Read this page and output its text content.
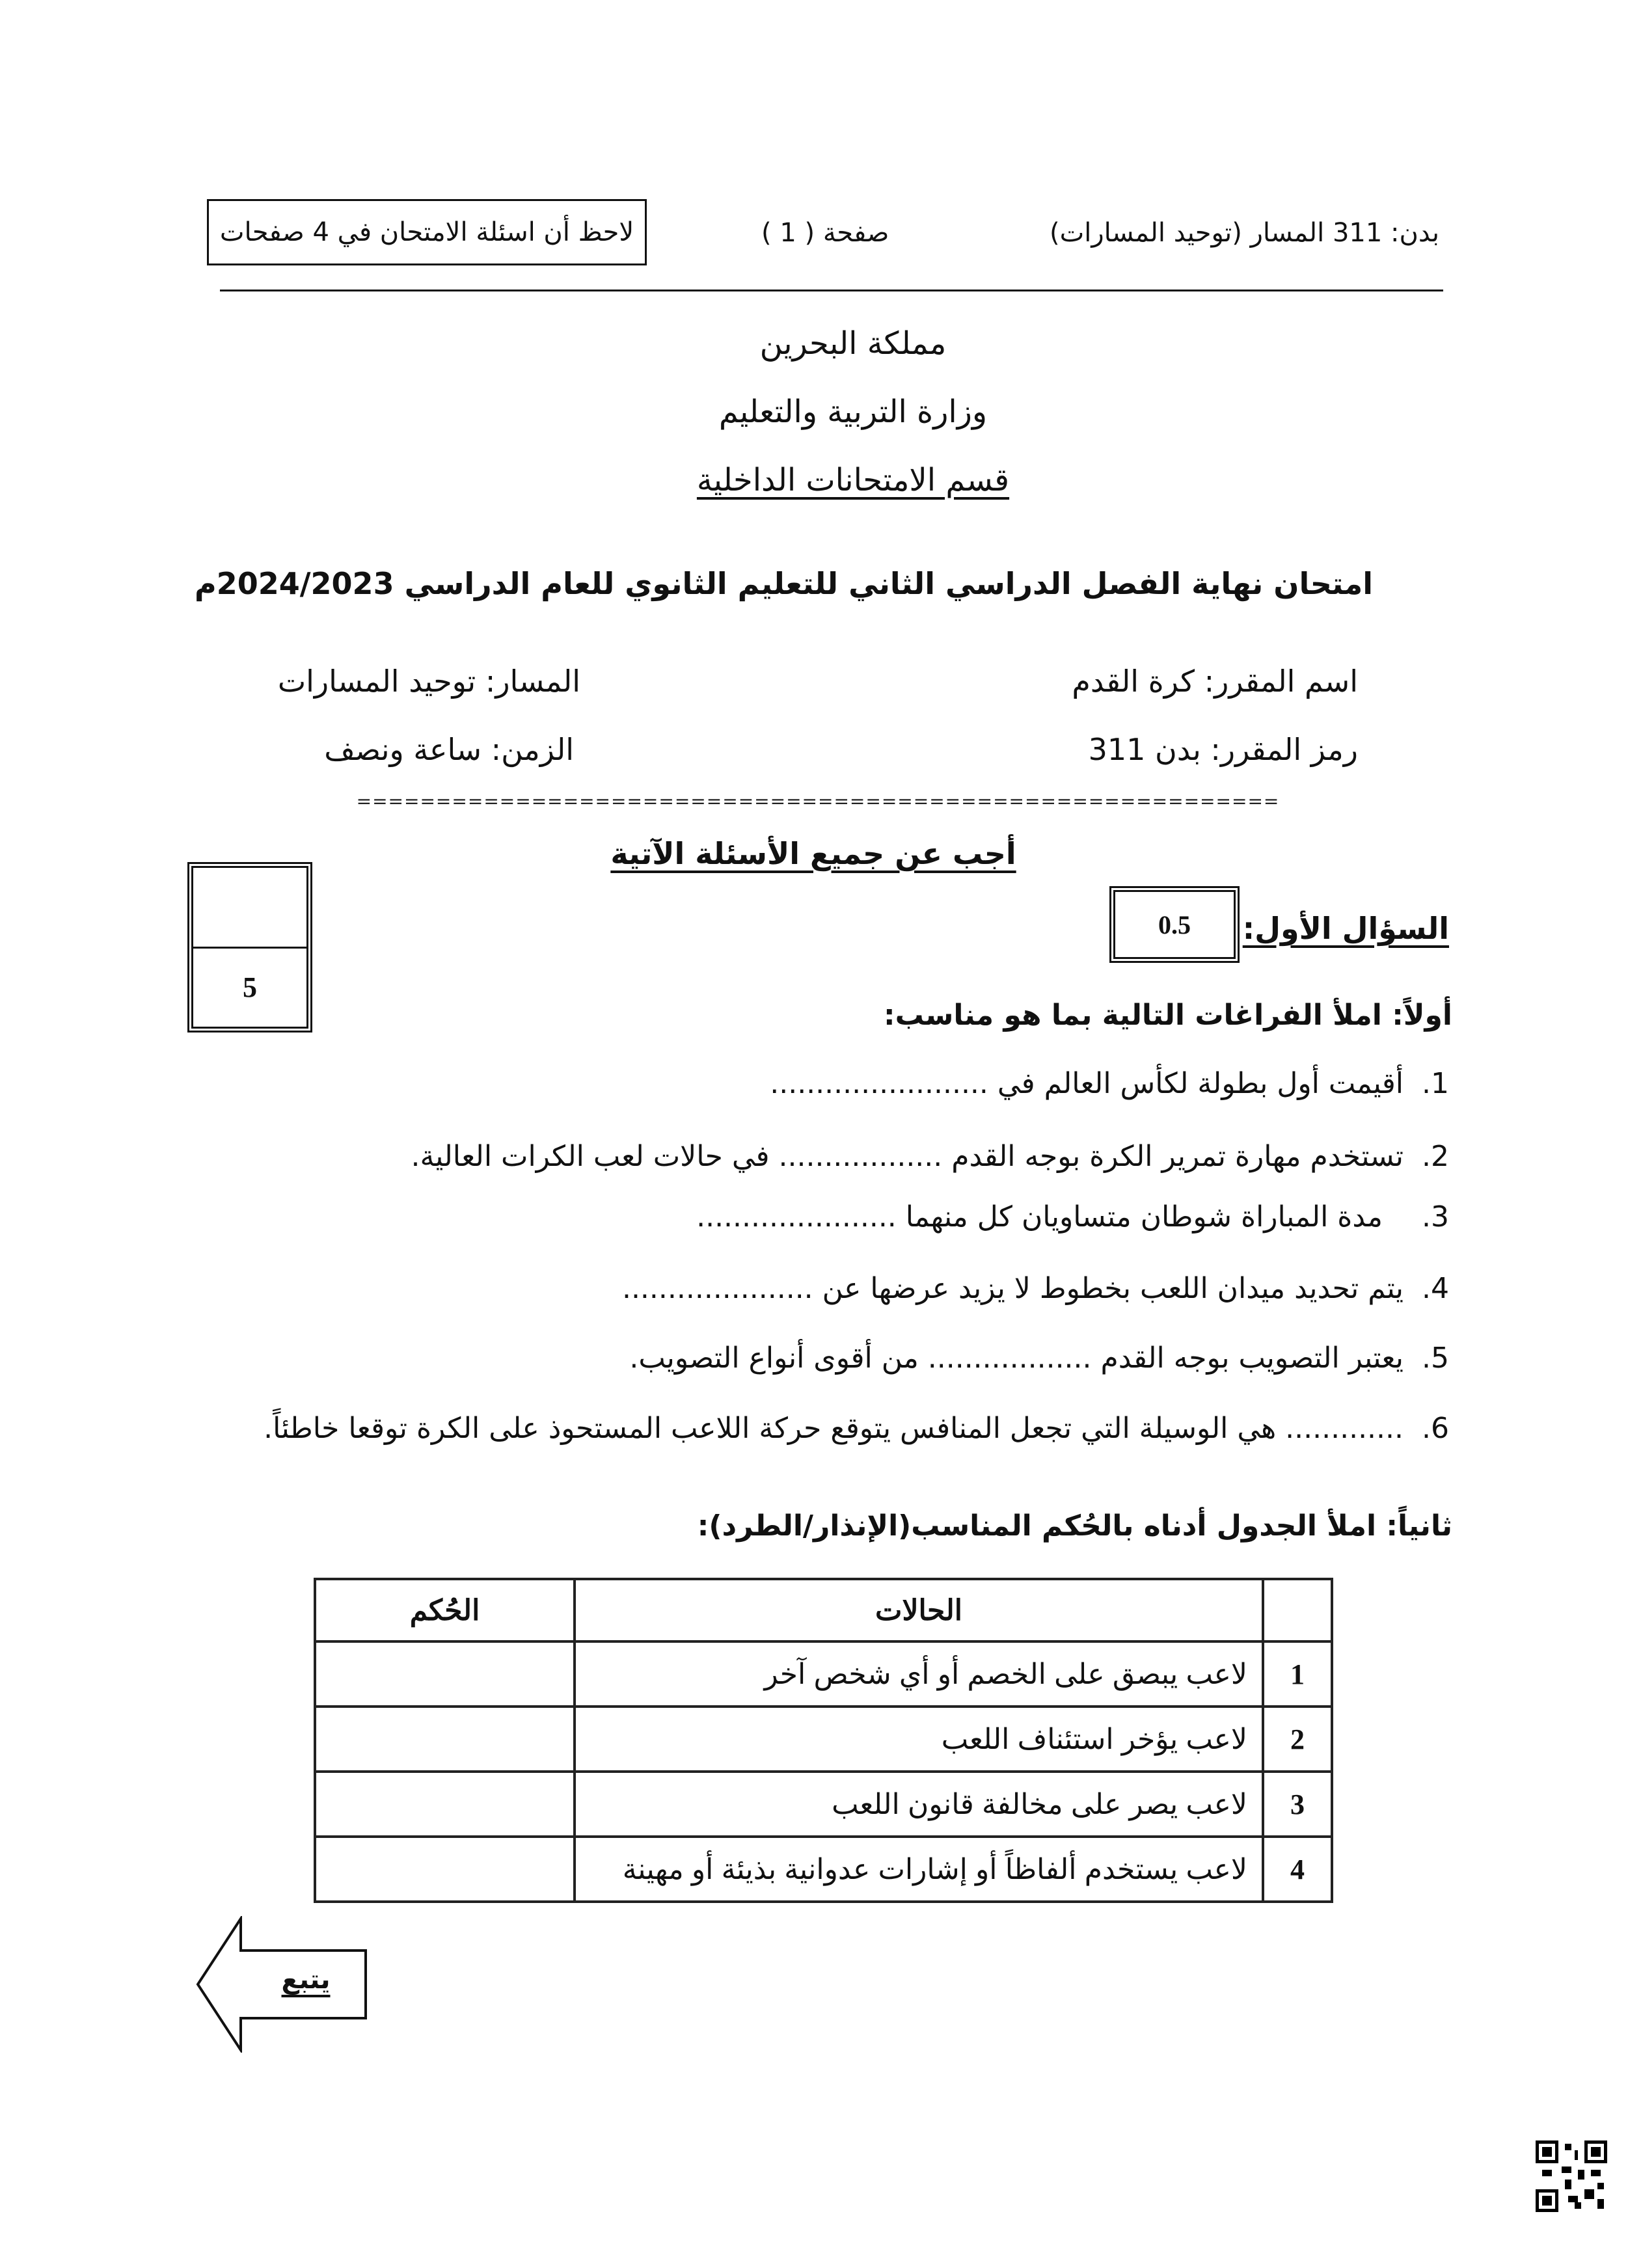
لاحظ أن اسئلة الامتحان في 4 صفحات	صفحة ( 1 )	بدن: 311 المسار (توحيد المسارات)
مملكة البحرين
وزارة التربية والتعليم
قسم الامتحانات الداخلية
امتحان نهاية الفصل الدراسي الثاني للتعليم الثانوي للعام الدراسي 2024/2023م
اسم المقرر: كرة القدم
المسار: توحيد المسارات
رمز المقرر: بدن 311
الزمن: ساعة ونصف
==========================================================
أجب عن جميع الأسئلة الآتية
5
السؤال الأول:
0.5
أولاً: املأ الفراغات التالية بما هو مناسب:
1.
أقيمت أول بطولة لكأس العالم في ........................
2.
تستخدم مهارة تمرير الكرة بوجه القدم .................. في حالات لعب الكرات العالية.
3.
مدة المباراة شوطان متساويان كل منهما ......................
4.
يتم تحديد ميدان اللعب بخطوط لا يزيد عرضها عن .....................
5.
يعتبر التصويب بوجه القدم .................. من أقوى أنواع التصويب.
6.
............. هي الوسيلة التي تجعل المنافس يتوقع حركة اللاعب المستحوذ على الكرة توقعا خاطئاً.
ثانياً: املأ الجدول أدناه بالحُكم المناسب(الإنذار/الطرد):
	الحالات	الحُكم
1	لاعب يبصق على الخصم أو أي شخص آخر	
2	لاعب يؤخر استئناف اللعب	
3	لاعب يصر على مخالفة قانون اللعب	
4	لاعب يستخدم ألفاظاً أو إشارات عدوانية بذيئة أو مهينة	
يتبع
